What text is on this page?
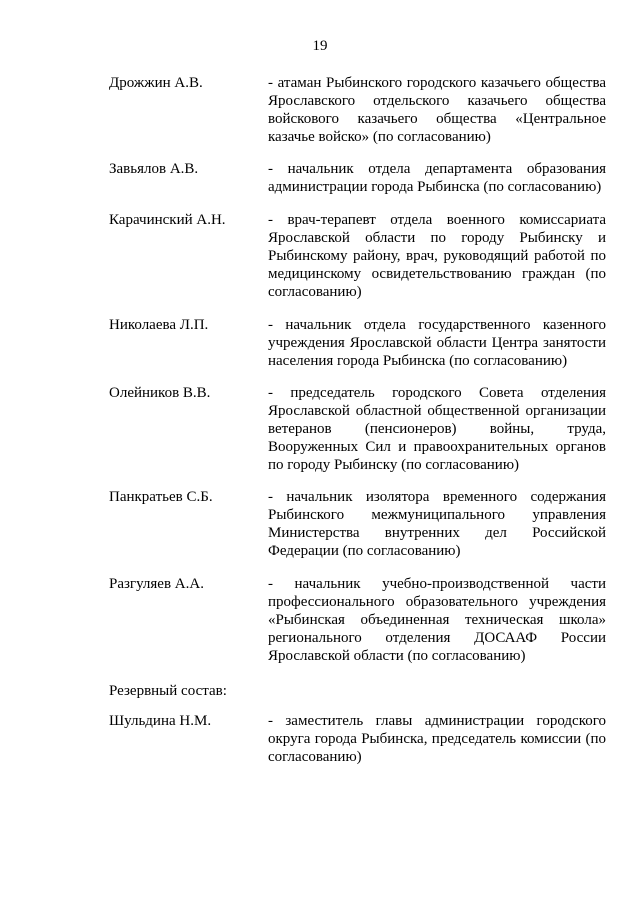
19
Дрожжин А.В.	- атаман Рыбинского городского казачьего общества Ярославского отдельского казачьего общества войскового казачьего общества «Центральное казачье войско» (по согласованию)
Завьялов А.В.	- начальник отдела департамента образования администрации города Рыбинска (по согласованию)
Карачинский А.Н.	- врач-терапевт отдела военного комиссариата Ярославской области по городу Рыбинску и Рыбинскому району, врач, руководящий работой по медицинскому освидетельствованию граждан (по согласованию)
Николаева Л.П.	- начальник отдела государственного казенного учреждения Ярославской области Центра занятости населения города Рыбинска (по согласованию)
Олейников В.В.	- председатель городского Совета отделения Ярославской областной общественной организации ветеранов (пенсионеров) войны, труда, Вооруженных Сил и правоохранительных органов по городу Рыбинску (по согласованию)
Панкратьев С.Б.	- начальник изолятора временного содержания Рыбинского межмуниципального управления Министерства внутренних дел Российской Федерации (по согласованию)
Разгуляев А.А.	- начальник учебно-производственной части профессионального образовательного учреждения «Рыбинская объединенная техническая школа» регионального отделения ДОСААФ России Ярославской области (по согласованию)
Резервный состав:
Шульдина Н.М.	- заместитель главы администрации городского округа города Рыбинска, председатель комиссии (по согласованию)
